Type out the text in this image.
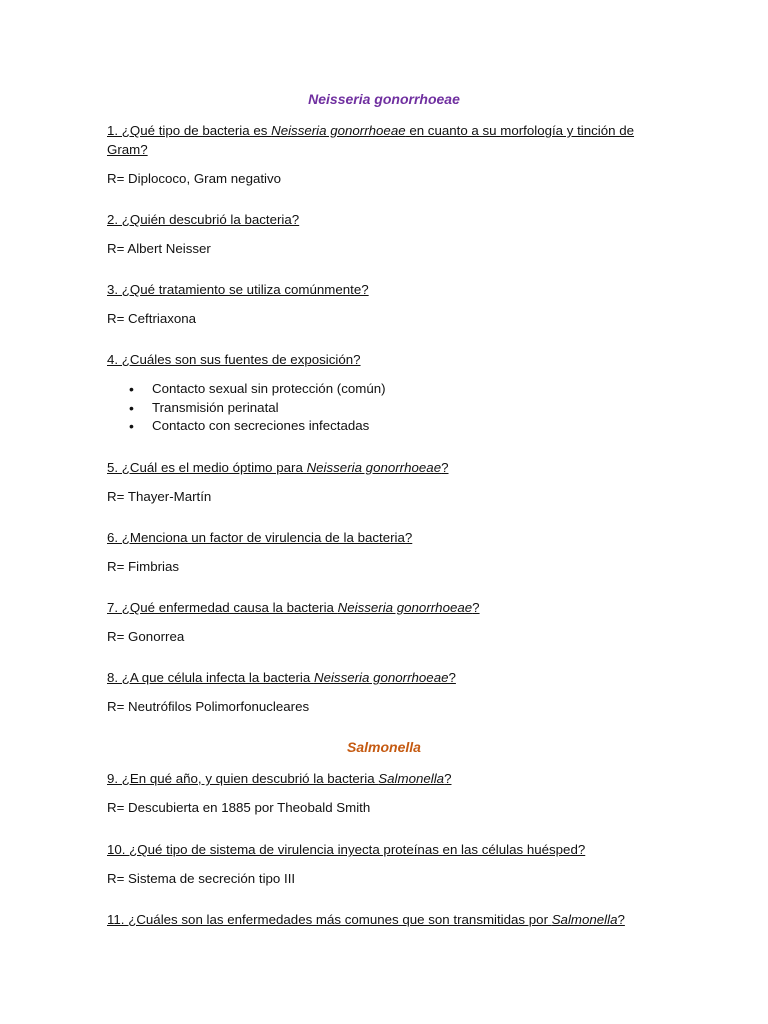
Neisseria gonorrhoeae
1. ¿Qué tipo de bacteria es Neisseria gonorrhoeae en cuanto a su morfología y tinción de Gram?
R= Diplococo, Gram negativo
2. ¿Quién descubrió la bacteria?
R= Albert Neisser
3. ¿Qué tratamiento se utiliza comúnmente?
R= Ceftriaxona
4. ¿Cuáles son sus fuentes de exposición?
• Contacto sexual sin protección (común)
• Transmisión perinatal
• Contacto con secreciones infectadas
5. ¿Cuál es el medio óptimo para Neisseria gonorrhoeae?
R= Thayer-Martín
6. ¿Menciona un factor de virulencia de la bacteria?
R= Fimbrias
7. ¿Qué enfermedad causa la bacteria Neisseria gonorrhoeae?
R= Gonorrea
8. ¿A que célula infecta la bacteria Neisseria gonorrhoeae?
R= Neutrófilos Polimorfonucleares
Salmonella
9. ¿En qué año, y quien descubrió la bacteria Salmonella?
R= Descubierta en 1885 por Theobald Smith
10. ¿Qué tipo de sistema de virulencia inyecta proteínas en las células huésped?
R= Sistema de secreción tipo III
11. ¿Cuáles son las enfermedades más comunes que son transmitidas por Salmonella?
